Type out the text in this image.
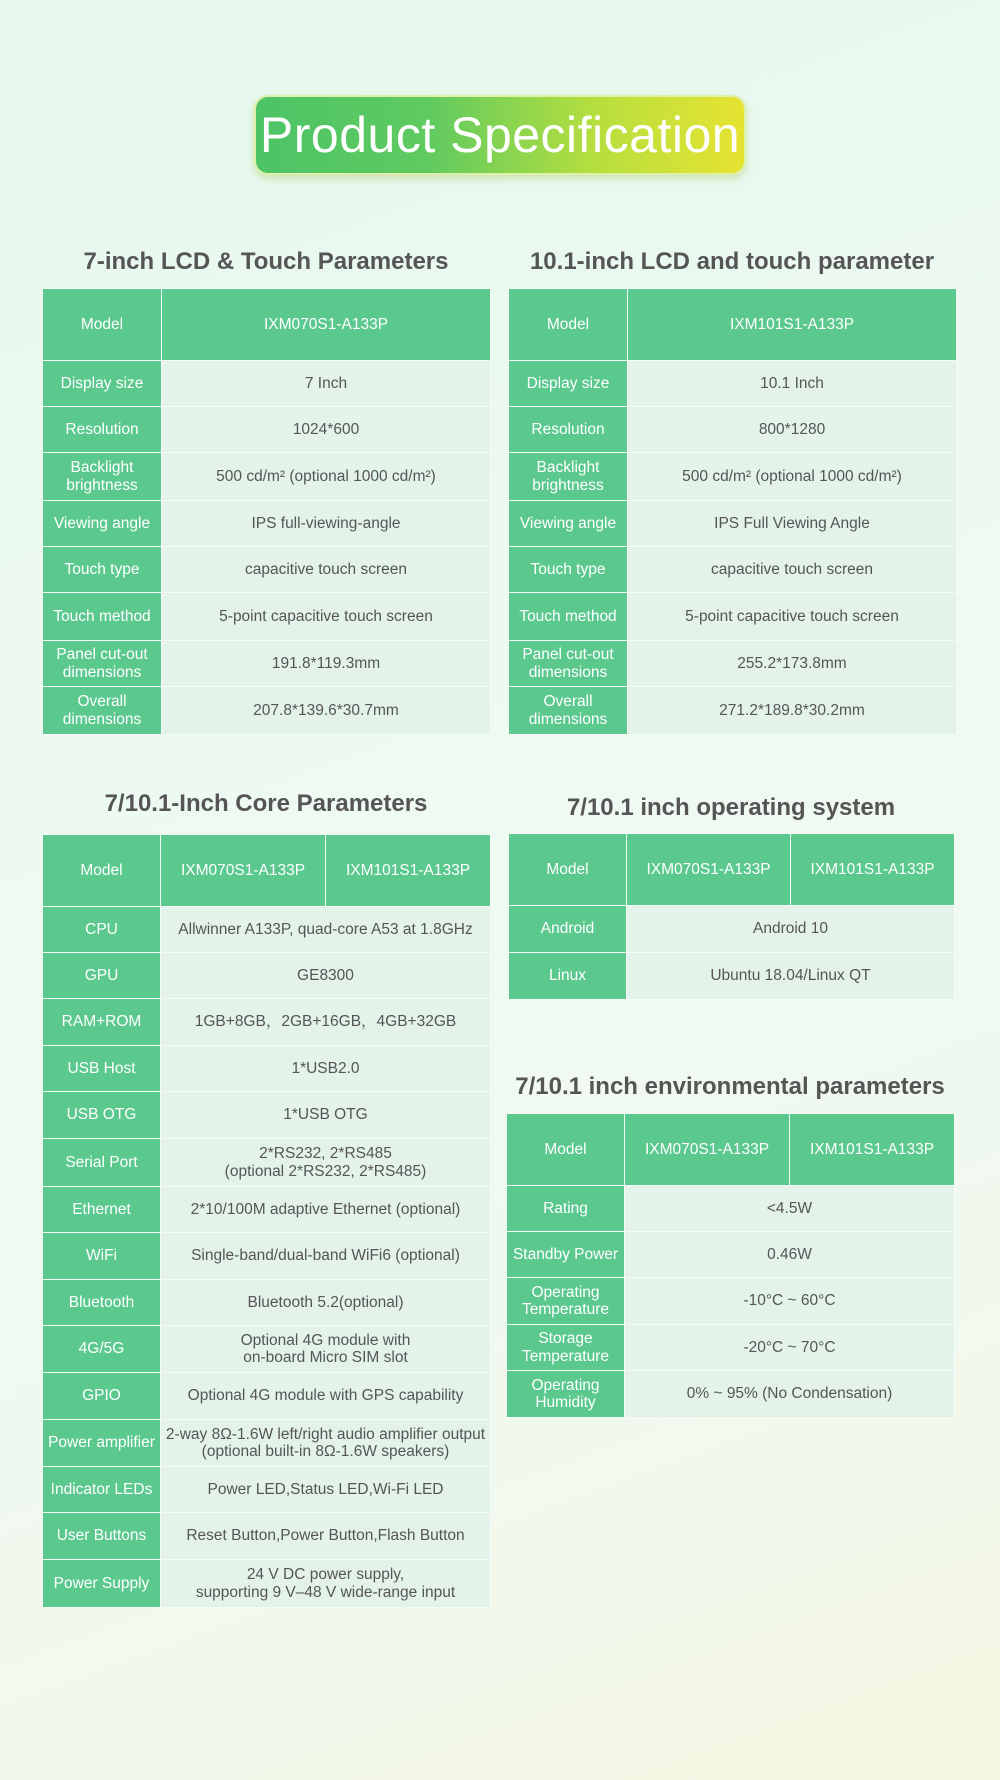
Product Specification
7-inch LCD & Touch Parameters
Model	IXM070S1-A133P
Display size	7 Inch
Resolution	1024*600
Backlight brightness	500 cd/m² (optional 1000 cd/m²)
Viewing angle	IPS full-viewing-angle
Touch type	capacitive touch screen
Touch method	5-point capacitive touch screen
Panel cut-out dimensions	191.8*119.3mm
Overall dimensions	207.8*139.6*30.7mm
10.1-inch LCD and touch parameter
Model	IXM101S1-A133P
Display size	10.1 Inch
Resolution	800*1280
Backlight brightness	500 cd/m² (optional 1000 cd/m²)
Viewing angle	IPS Full Viewing Angle
Touch type	capacitive touch screen
Touch method	5-point capacitive touch screen
Panel cut-out dimensions	255.2*173.8mm
Overall dimensions	271.2*189.8*30.2mm
7/10.1-Inch Core Parameters
Model	IXM070S1-A133P	IXM101S1-A133P
CPU	Allwinner A133P, quad-core A53 at 1.8GHz	
GPU	GE8300	
RAM+ROM	1GB+8GB，2GB+16GB，4GB+32GB	
USB Host	1*USB2.0	
USB OTG	1*USB OTG	
Serial Port	2*RS232, 2*RS485
(optional 2*RS232, 2*RS485)	
Ethernet	2*10/100M adaptive Ethernet (optional)	
WiFi	Single-band/dual-band WiFi6 (optional)	
Bluetooth	Bluetooth 5.2(optional)	
4G/5G	Optional 4G module with
on-board Micro SIM slot	
GPIO	Optional 4G module with GPS capability	
Power amplifier	2-way 8Ω-1.6W left/right audio amplifier output
(optional built-in 8Ω-1.6W speakers)	
Indicator LEDs	Power LED,Status LED,Wi-Fi LED	
User Buttons	Reset Button,Power Button,Flash Button	
Power Supply	24 V DC power supply,
supporting 9 V–48 V wide-range input	
7/10.1 inch operating system
Model	IXM070S1-A133P	IXM101S1-A133P
Android	Android 10	
Linux	Ubuntu 18.04/Linux QT	
7/10.1 inch environmental parameters
Model	IXM070S1-A133P	IXM101S1-A133P
Rating	<4.5W	
Standby Power	0.46W	
Operating Temperature	-10°C ~ 60°C	
Storage Temperature	-20°C ~ 70°C	
Operating Humidity	0% ~ 95% (No Condensation)	
